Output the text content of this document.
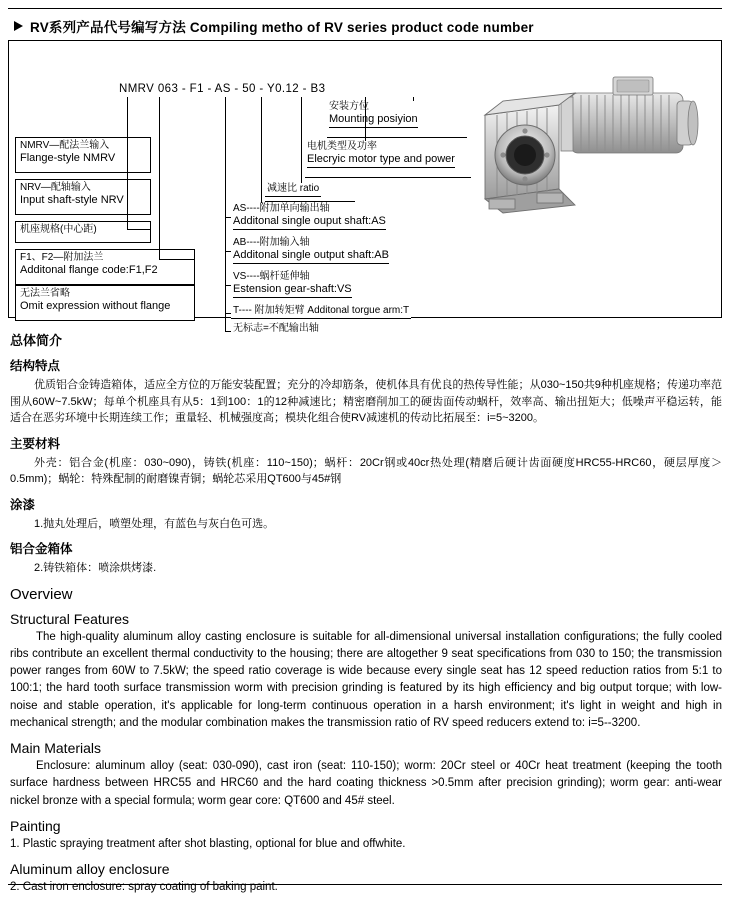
RV系列产品代号编写方法 Compiling metho of RV series product code number
NMRV 063 - F1 - AS - 50 - Y0.12 - B3
NMRV—配法兰输入
Flange-style NMRV
NRV—配轴输入
Input shaft-style NRV
机座规格(中心距)
F1、F2—附加法兰
Additonal flange code:F1,F2
无法兰省略
Omit expression without flange
安装方位
Mounting posiyion
电机类型及功率
Elecryic motor type and power
减速比 ratio
AS----附加单向输出轴
Additonal single ouput shaft:AS
AB----附加输入轴
Additonal single output shaft:AB
VS----蜗杆延伸轴
Estension gear-shaft:VS
T---- 附加转矩臂 Additonal torgue arm:T
无标志=不配输出轴
总体简介
结构特点

优质铝合金铸造箱体，适应全方位的万能安装配置；充分的冷却筋条，使机体具有优良的热传导性能；从030~150共9种机座规格；传递功率范围从60W~7.5kW；每单个机座具有从5：1到100：1的12种减速比；精密磨削加工的硬齿面传动蜗杆，效率高、输出扭矩大；低噪声平稳运转，能适合在恶劣环境中长期连续工作；重量轻、机械强度高；模块化组合使RV减速机的传动比拓展至：i=5~3200。

主要材料

外壳：铝合金(机座：030~090)，铸铁(机座：110~150)；蜗杆：20Cr钢或40cr热处理(精磨后硬计齿面硬度HRC55-HRC60，硬层厚度＞0.5mm)；蜗轮：特殊配制的耐磨镍青铜；蜗轮芯采用QT600与45#钢

涂漆

1.抛丸处理后，喷塑处理，有蓝色与灰白色可选。

铝合金箱体

2.铸铁箱体：喷涂烘烤漆.

Overview
Structural Features

The high-quality aluminum alloy casting enclosure is suitable for all-dimensional universal installation configurations; the fully cooled ribs contribute an excellent thermal conductivity to the housing; there are altogether 9 seat specifications from 030 to 150; the transmission power ranges from 60W to 7.5kW; the speed ratio coverage is wide because every single seat has 12 speed reduction ratios from 5:1 to 100:1; the hard tooth surface transmission worm with precision grinding is featured by its high efficiency and big output torque; with low-noise and stable operation, it's applicable for long-term continuous operation in a harsh environment; it's light in weight and high in mechanical strength; and the modular combination makes the transmission ratio of RV speed reducers extend to: i=5--3200.

Main Materials

Enclosure: aluminum alloy (seat: 030-090), cast iron (seat: 110-150); worm: 20Cr steel or 40Cr heat treatment (keeping the tooth surface hardness between HRC55 and HRC60 and the hard coating thickness >0.5mm after precision grinding); worm gear: anti-wear nickel bronze with a special formula; worm gear core: QT600 and 45# steel.

Painting

1. Plastic spraying treatment after shot blasting, optional for blue and offwhite.

Aluminum alloy enclosure

2. Cast iron enclosure: spray coating of baking paint.
